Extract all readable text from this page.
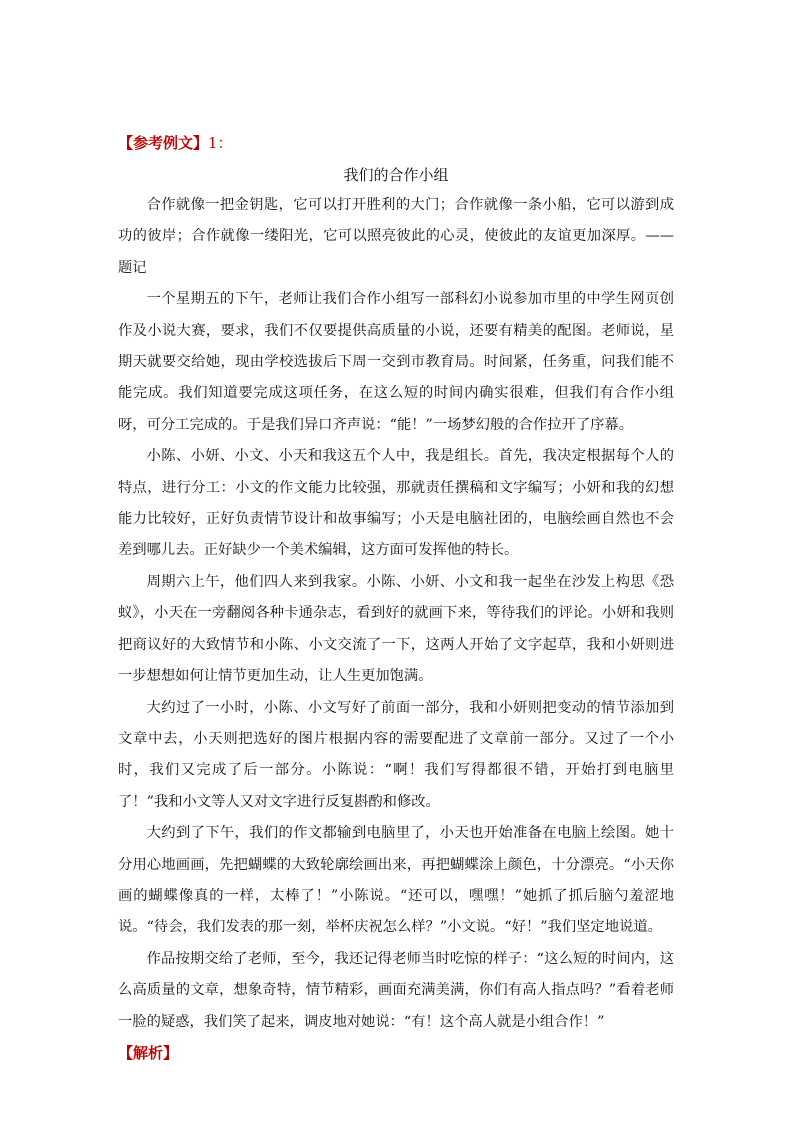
【参考例文】1：
我们的合作小组

合作就像一把金钥匙，它可以打开胜利的大门；合作就像一条小船，它可以游到成功的彼岸；合作就像一缕阳光，它可以照亮彼此的心灵，使彼此的友谊更加深厚。——题记

一个星期五的下午，老师让我们合作小组写一部科幻小说参加市里的中学生网页创作及小说大赛，要求，我们不仅要提供高质量的小说，还要有精美的配图。老师说，星期天就要交给她，现由学校选拔后下周一交到市教育局。时间紧，任务重，问我们能不能完成。我们知道要完成这项任务，在这么短的时间内确实很难，但我们有合作小组呀，可分工完成的。于是我们异口齐声说：“能！”一场梦幻般的合作拉开了序幕。

小陈、小妍、小文、小天和我这五个人中，我是组长。首先，我决定根据每个人的特点，进行分工：小文的作文能力比较强，那就责任撰稿和文字编写；小妍和我的幻想能力比较好，正好负责情节设计和故事编写；小天是电脑社团的，电脑绘画自然也不会差到哪儿去。正好缺少一个美术编辑，这方面可发挥他的特长。

周期六上午，他们四人来到我家。小陈、小妍、小文和我一起坐在沙发上构思《恐蚁》，小天在一旁翻阅各种卡通杂志，看到好的就画下来，等待我们的评论。小妍和我则把商议好的大致情节和小陈、小文交流了一下，这两人开始了文字起草，我和小妍则进一步想想如何让情节更加生动，让人生更加饱满。

大约过了一小时，小陈、小文写好了前面一部分，我和小妍则把变动的情节添加到文章中去，小天则把选好的图片根据内容的需要配进了文章前一部分。又过了一个小时，我们又完成了后一部分。小陈说：“啊！我们写得都很不错，开始打到电脑里了！”我和小文等人又对文字进行反复斟酌和修改。

大约到了下午，我们的作文都输到电脑里了，小天也开始准备在电脑上绘图。她十分用心地画画，先把蝴蝶的大致轮廓绘画出来，再把蝴蝶涂上颜色，十分漂亮。“小天你画的蝴蝶像真的一样，太棒了！”小陈说。“还可以，嘿嘿！”她抓了抓后脑勺羞涩地说。“待会，我们发表的那一刻，举杯庆祝怎么样？”小文说。“好！”我们坚定地说道。

作品按期交给了老师，至今，我还记得老师当时吃惊的样子：“这么短的时间内，这么高质量的文章，想象奇特，情节精彩，画面充满美满，你们有高人指点吗？”看着老师一脸的疑惑，我们笑了起来，调皮地对她说：“有！这个高人就是小组合作！”

【解析】
